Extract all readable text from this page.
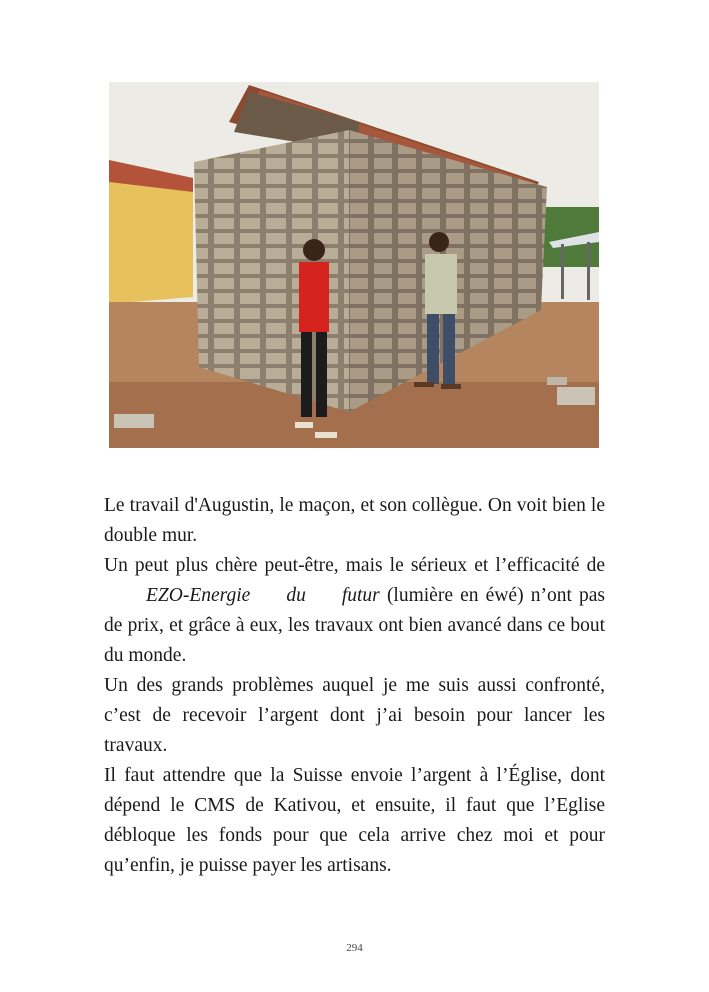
Le travail d'Augustin, le maçon, et son collègue. On voit bien le double mur.

Un peut plus chère peut-être, mais le sérieux et l’efficacité de EZO-Energie du futur (lumière en éwé) n’ont pas de prix, et grâce à eux, les travaux ont bien avancé dans ce bout du monde.

Un des grands problèmes auquel je me suis aussi confronté, c’est de recevoir l’argent dont j’ai besoin pour lancer les travaux.

Il faut attendre que la Suisse envoie l’argent à l’Église, dont dépend le CMS de Kativou, et ensuite, il faut que l’Eglise débloque les fonds pour que cela arrive chez moi et pour qu’enfin, je puisse payer les artisans.

294
